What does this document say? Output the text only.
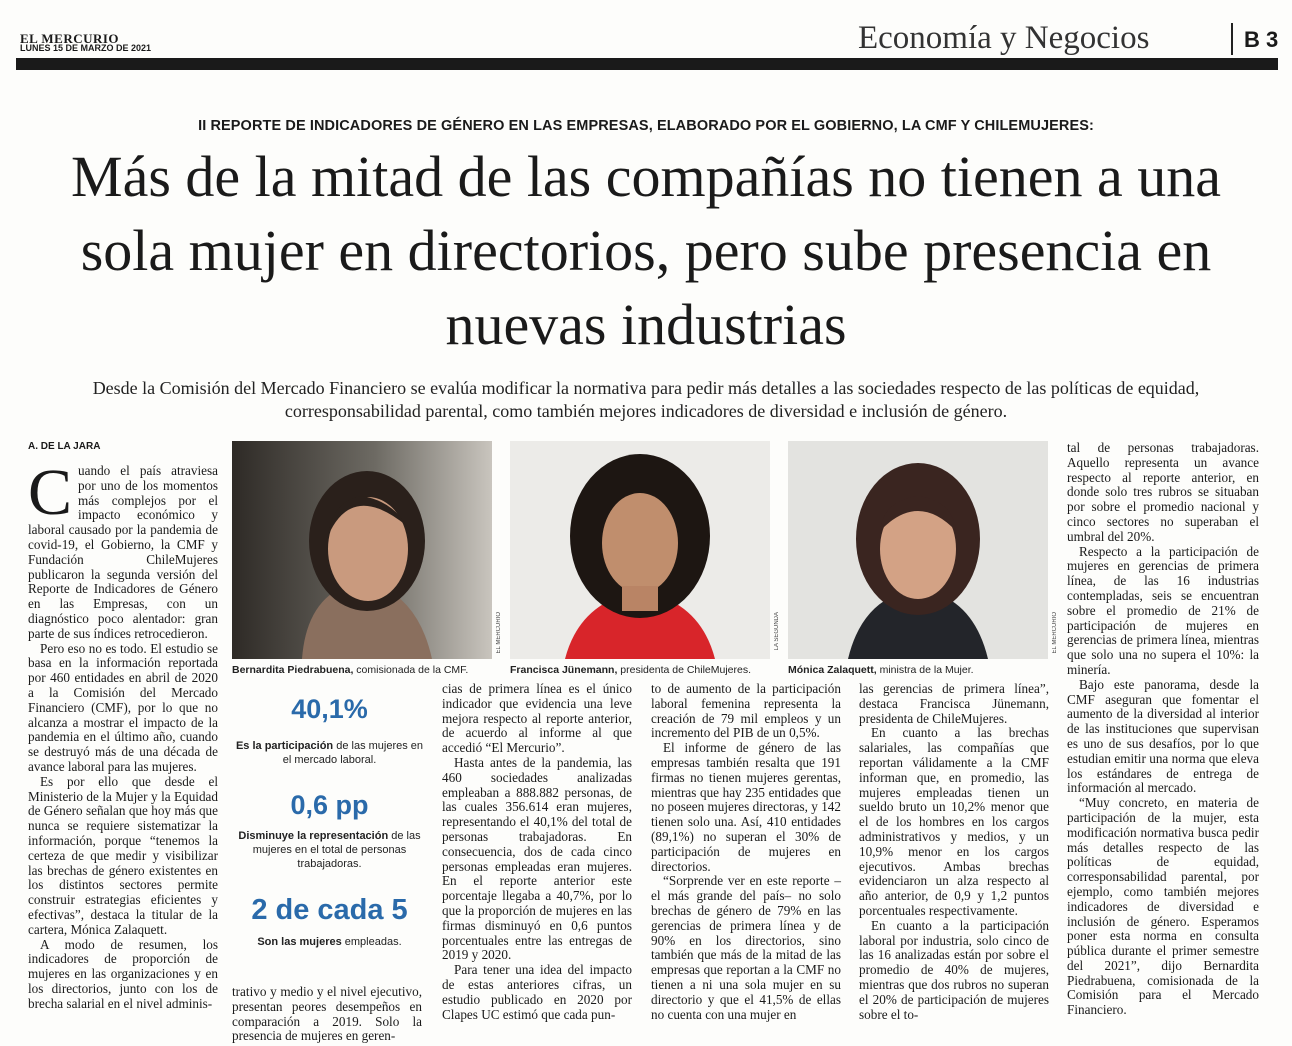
EL MERCURIO
LUNES 15 DE MARZO DE 2021	Economía y Negocios	B 3
II REPORTE DE INDICADORES DE GÉNERO EN LAS EMPRESAS, ELABORADO POR EL GOBIERNO, LA CMF Y CHILEMUJERES:
Más de la mitad de las compañías no tienen a una sola mujer en directorios, pero sube presencia en nuevas industrias
Desde la Comisión del Mercado Financiero se evalúa modificar la normativa para pedir más detalles a las sociedades respecto de las políticas de equidad, corresponsabilidad parental, como también mejores indicadores de diversidad e inclusión de género.
A. DE LA JARA

Cuando el país atraviesa por uno de los momentos más complejos por el impacto económico y laboral causado por la pandemia de covid-19, el Gobierno, la CMF y Fundación ChileMujeres publicaron la segunda versión del Reporte de Indicadores de Género en las Empresas, con un diagnóstico poco alentador: gran parte de sus índices retrocedieron.

Pero eso no es todo. El estudio se basa en la información reportada por 460 entidades en abril de 2020 a la Comisión del Mercado Financiero (CMF), por lo que no alcanza a mostrar el impacto de la pandemia en el último año, cuando se destruyó más de una década de avance laboral para las mujeres.

Es por ello que desde el Ministerio de la Mujer y la Equidad de Género señalan que hoy más que nunca se requiere sistematizar la información, porque “tenemos la certeza de que medir y visibilizar las brechas de género existentes en los distintos sectores permite construir estrategias eficientes y efectivas”, destaca la titular de la cartera, Mónica Zalaquett.

A modo de resumen, los indicadores de proporción de mujeres en las organizaciones y en los directorios, junto con los de brecha salarial en el nivel adminis-

EL MERCURIO
Bernardita Piedrabuena, comisionada de la CMF.
LA SEGUNDA
Francisca Jünemann, presidenta de ChileMujeres.
EL MERCURIO
Mónica Zalaquett, ministra de la Mujer.
40,1%
Es la participación de las mujeres en el mercado laboral.
0,6 pp
Disminuye la representación de las mujeres en el total de personas trabajadoras.
2 de cada 5
Son las mujeres empleadas.

trativo y medio y el nivel ejecutivo, presentan peores desempeños en comparación a 2019. Solo la presencia de mujeres en geren-

cias de primera línea es el único indicador que evidencia una leve mejora respecto al reporte anterior, de acuerdo al informe al que accedió “El Mercurio”.

Hasta antes de la pandemia, las 460 sociedades analizadas empleaban a 888.882 personas, de las cuales 356.614 eran mujeres, representando el 40,1% del total de personas trabajadoras. En consecuencia, dos de cada cinco personas empleadas eran mujeres. En el reporte anterior este porcentaje llegaba a 40,7%, por lo que la proporción de mujeres en las firmas disminuyó en 0,6 puntos porcentuales entre las entregas de 2019 y 2020.

Para tener una idea del impacto de estas anteriores cifras, un estudio publicado en 2020 por Clapes UC estimó que cada pun-

to de aumento de la participación laboral femenina representa la creación de 79 mil empleos y un incremento del PIB de un 0,5%.

El informe de género de las empresas también resalta que 191 firmas no tienen mujeres gerentas, mientras que hay 235 entidades que no poseen mujeres directoras, y 142 tienen solo una. Así, 410 entidades (89,1%) no superan el 30% de participación de mujeres en directorios.

“Sorprende ver en este reporte –el más grande del país– no solo brechas de género de 79% en las gerencias de primera línea y de 90% en los directorios, sino también que más de la mitad de las empresas que reportan a la CMF no tienen a ni una sola mujer en su directorio y que el 41,5% de ellas no cuenta con una mujer en

las gerencias de primera línea”, destaca Francisca Jünemann, presidenta de ChileMujeres.

En cuanto a las brechas salariales, las compañías que reportan válidamente a la CMF informan que, en promedio, las mujeres empleadas tienen un sueldo bruto un 10,2% menor que el de los hombres en los cargos administrativos y medios, y un 10,9% menor en los cargos ejecutivos. Ambas brechas evidenciaron un alza respecto al año anterior, de 0,9 y 1,2 puntos porcentuales respectivamente.

En cuanto a la participación laboral por industria, solo cinco de las 16 analizadas están por sobre el promedio de 40% de mujeres, mientras que dos rubros no superan el 20% de participación de mujeres sobre el to-

tal de personas trabajadoras. Aquello representa un avance respecto al reporte anterior, en donde solo tres rubros se situaban por sobre el promedio nacional y cinco sectores no superaban el umbral del 20%.

Respecto a la participación de mujeres en gerencias de primera línea, de las 16 industrias contempladas, seis se encuentran sobre el promedio de 21% de participación de mujeres en gerencias de primera línea, mientras que solo una no supera el 10%: la minería.

Bajo este panorama, desde la CMF aseguran que fomentar el aumento de la diversidad al interior de las instituciones que supervisan es uno de sus desafíos, por lo que estudian emitir una norma que eleva los estándares de entrega de información al mercado.

“Muy concreto, en materia de participación de la mujer, esta modificación normativa busca pedir más detalles respecto de las políticas de equidad, corresponsabilidad parental, por ejemplo, como también mejores indicadores de diversidad e inclusión de género. Esperamos poner esta norma en consulta pública durante el primer semestre del 2021”, dijo Bernardita Piedrabuena, comisionada de la Comisión para el Mercado Financiero.
